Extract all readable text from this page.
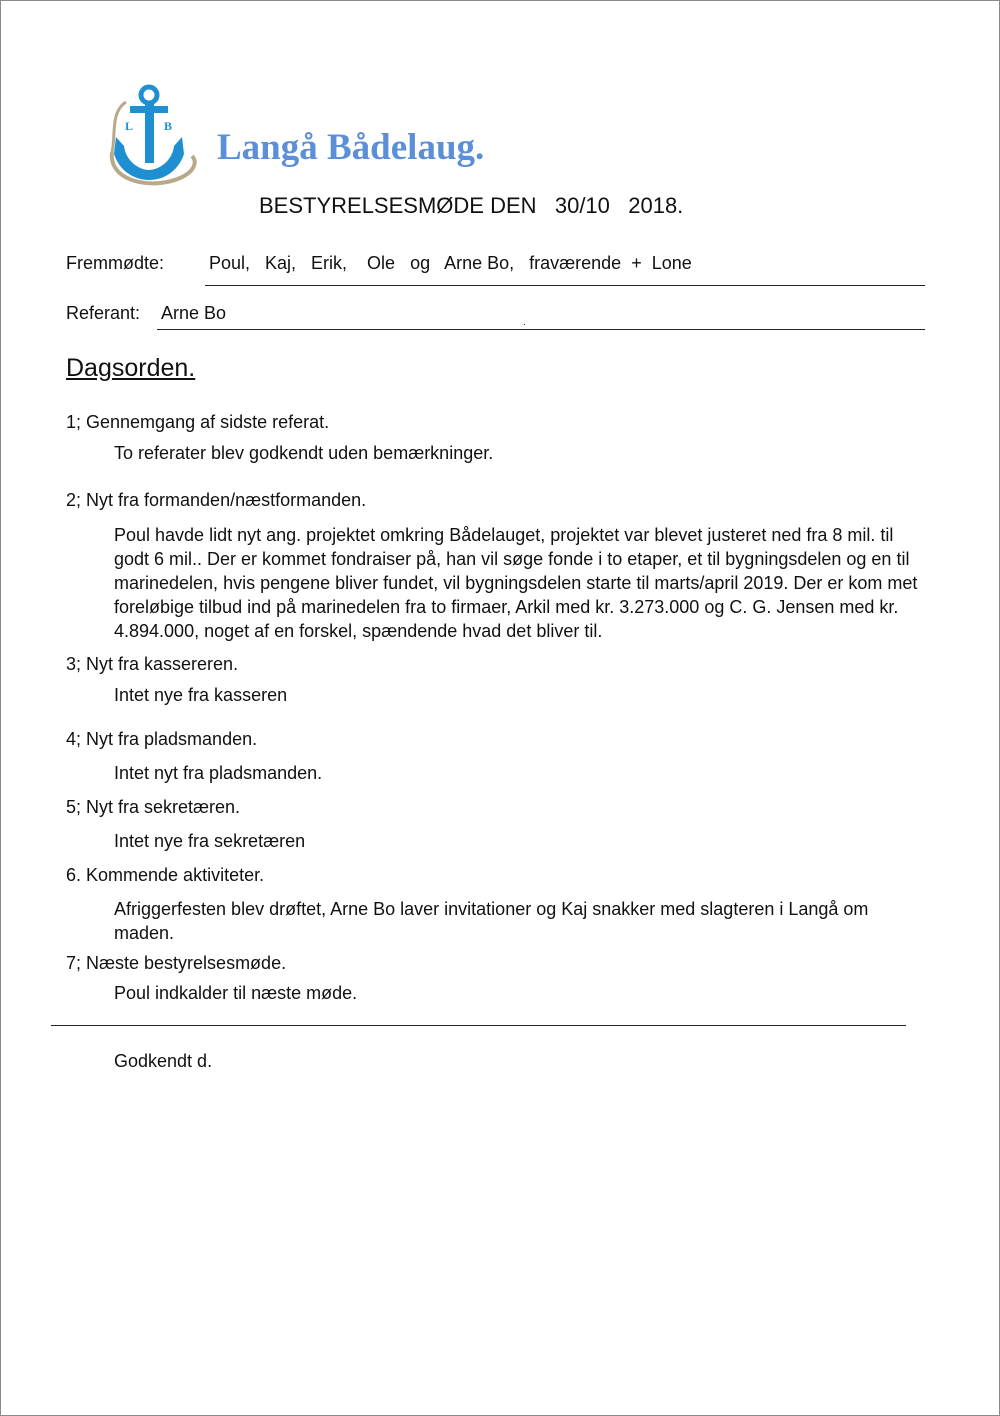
L	B
Langå Bådelaug.
BESTYRELSESMØDE DEN   30/10   2018.
Fremmødte: Poul,   Kaj,   Erik,    Ole   og   Arne Bo,   fraværende  +  Lone
Referant: Arne Bo	.
Dagsorden.
1; Gennemgang af sidste referat.
To referater blev godkendt uden bemærkninger.
2; Nyt fra formanden/næstformanden.
Poul havde lidt nyt ang. projektet omkring Bådelauget, projektet var blevet justeret ned fra 8 mil. til godt 6 mil.. Der er kommet fondraiser på, han vil søge fonde i to etaper, et til bygningsdelen og en til marinedelen, hvis pengene bliver fundet, vil bygningsdelen starte til marts/april 2019. Der er kom met foreløbige tilbud ind på marinedelen fra to firmaer, Arkil med kr. 3.273.000 og C. G. Jensen med kr. 4.894.000, noget af en forskel, spændende hvad det bliver til.
3; Nyt fra kassereren.
Intet nye fra kasseren
4; Nyt fra pladsmanden.
Intet nyt fra pladsmanden.
5; Nyt fra sekretæren.
Intet nye fra sekretæren
6. Kommende aktiviteter.
Afriggerfesten blev drøftet, Arne Bo laver invitationer og Kaj snakker med slagteren i Langå om maden.
7; Næste bestyrelsesmøde.
Poul indkalder til næste møde.
Godkendt d.
